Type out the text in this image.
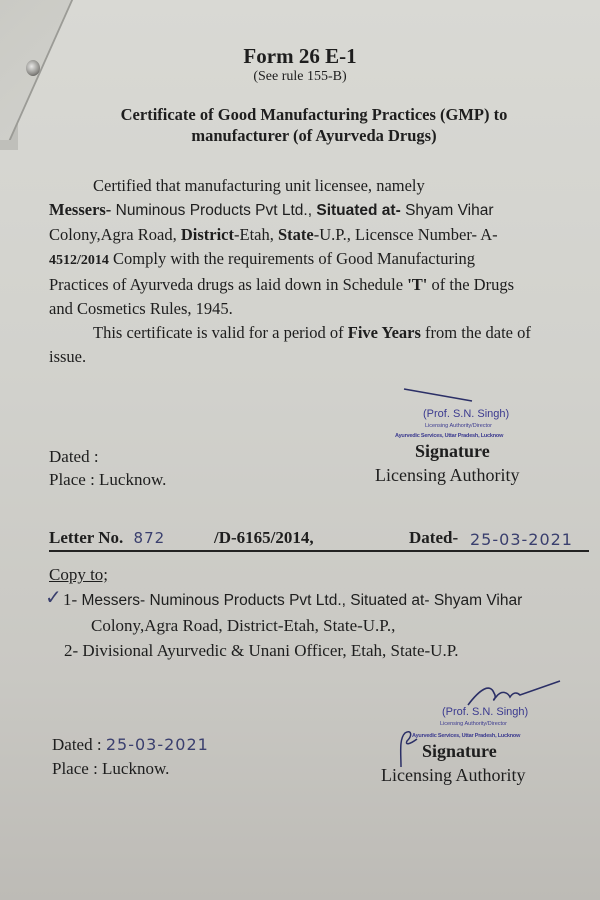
Form 26 E-1
(See rule 155-B)
Certificate of Good Manufacturing Practices (GMP) to
manufacturer (of Ayurveda Drugs)
Certified that manufacturing unit licensee, namely
Messers- Numinous Products Pvt Ltd., Situated at- Shyam Vihar
Colony,Agra Road, District-Etah, State-U.P., Licensce Number- A-
4512/2014 Comply with the requirements of Good Manufacturing
Practices of Ayurveda drugs as laid down in Schedule 'T' of the Drugs
and Cosmetics Rules, 1945.
This certificate is valid for a period of Five Years from the date of
issue.
(Prof. S.N. Singh)
Licensing Authority/Director
Ayurvedic Services, Uttar Pradesh, Lucknow
Signature
Licensing Authority
Dated :
Place : Lucknow.
Letter No. 872	/D-6165/2014,	Dated- 25-03-2021
Copy to;
✓ 1- Messers- Numinous Products Pvt Ltd., Situated at- Shyam Vihar
Colony,Agra Road, District-Etah, State-U.P.,
2- Divisional Ayurvedic & Unani Officer, Etah, State-U.P.
(Prof. S.N. Singh)
Licensing Authority/Director
Ayurvedic Services, Uttar Pradesh, Lucknow
Signature
Licensing Authority
Dated : 25-03-2021
Place : Lucknow.
